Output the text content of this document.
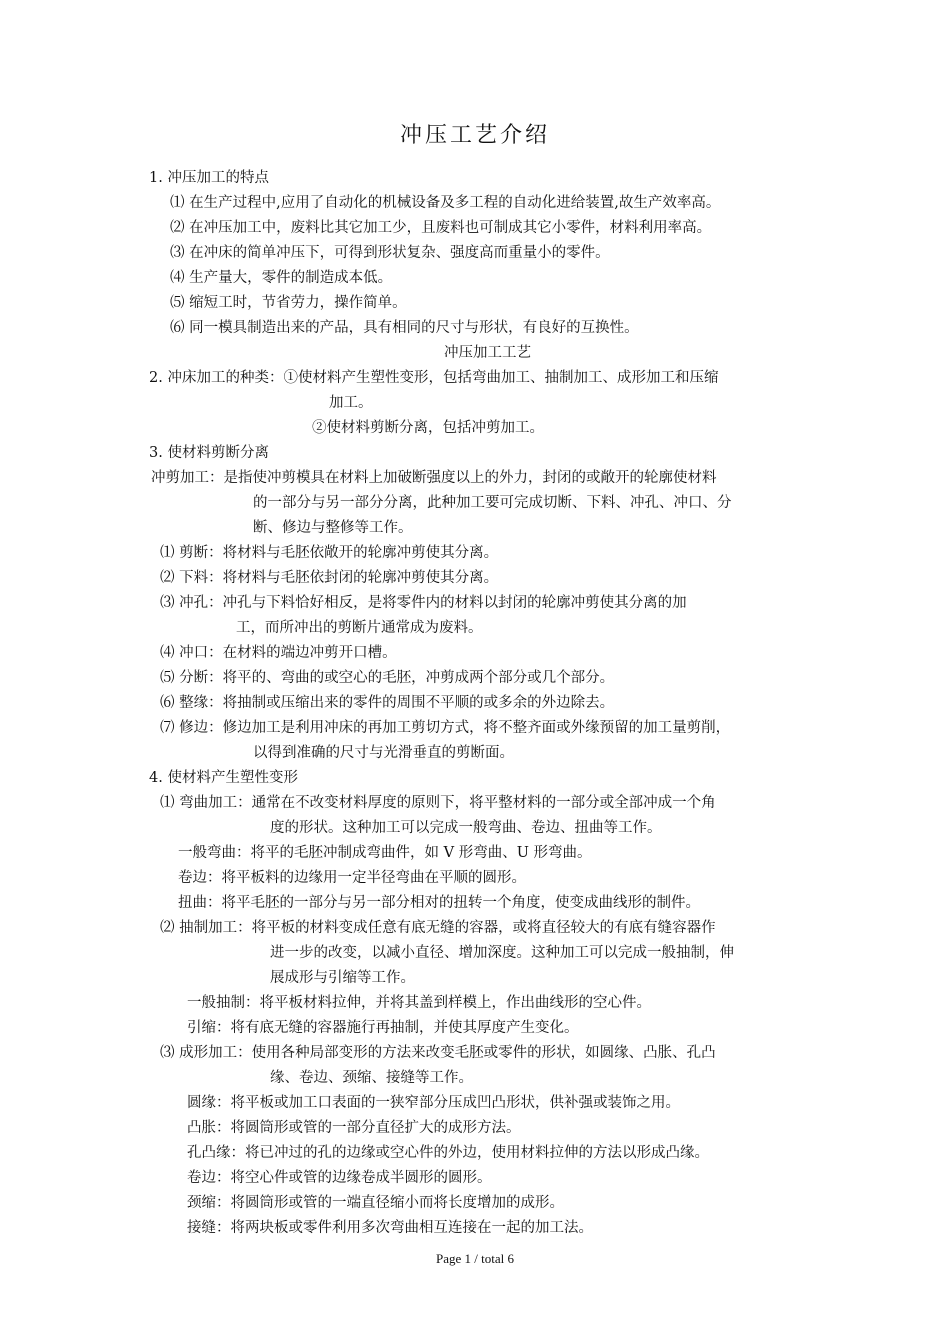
冲压工艺介绍

1. 冲压加工的特点

⑴ 在生产过程中,应用了自动化的机械设备及多工程的自动化进给装置,故生产效率高。

⑵ 在冲压加工中，废料比其它加工少，且废料也可制成其它小零件，材料利用率高。

⑶ 在冲床的简单冲压下，可得到形状复杂、强度高而重量小的零件。

⑷ 生产量大，零件的制造成本低。

⑸ 缩短工时，节省劳力，操作简单。

⑹ 同一模具制造出来的产品，具有相同的尺寸与形状，有良好的互换性。

冲压加工工艺

2. 冲床加工的种类：①使材料产生塑性变形，包括弯曲加工、抽制加工、成形加工和压缩

加工。

②使材料剪断分离，包括冲剪加工。

3. 使材料剪断分离

冲剪加工：是指使冲剪模具在材料上加破断强度以上的外力，封闭的或敞开的轮廓使材料

的一部分与另一部分分离，此种加工要可完成切断、下料、冲孔、冲口、分

断、修边与整修等工作。

⑴ 剪断：将材料与毛胚依敞开的轮廓冲剪使其分离。

⑵ 下料：将材料与毛胚依封闭的轮廓冲剪使其分离。

⑶ 冲孔：冲孔与下料恰好相反，是将零件内的材料以封闭的轮廓冲剪使其分离的加

工，而所冲出的剪断片通常成为废料。

⑷ 冲口：在材料的端边冲剪开口槽。

⑸ 分断：将平的、弯曲的或空心的毛胚，冲剪成两个部分或几个部分。

⑹ 整缘：将抽制或压缩出来的零件的周围不平顺的或多余的外边除去。

⑺ 修边：修边加工是利用冲床的再加工剪切方式，将不整齐面或外缘预留的加工量剪削，

以得到准确的尺寸与光滑垂直的剪断面。

4. 使材料产生塑性变形

⑴ 弯曲加工：通常在不改变材料厚度的原则下，将平整材料的一部分或全部冲成一个角

度的形状。这种加工可以完成一般弯曲、卷边、扭曲等工作。

一般弯曲：将平的毛胚冲制成弯曲件，如 V 形弯曲、U 形弯曲。

卷边：将平板料的边缘用一定半径弯曲在平顺的圆形。

扭曲：将平毛胚的一部分与另一部分相对的扭转一个角度，使变成曲线形的制件。

⑵ 抽制加工：将平板的材料变成任意有底无缝的容器，或将直径较大的有底有缝容器作

进一步的改变，以减小直径、增加深度。这种加工可以完成一般抽制，伸

展成形与引缩等工作。

一般抽制：将平板材料拉伸，并将其盖到样模上，作出曲线形的空心件。

引缩：将有底无缝的容器施行再抽制，并使其厚度产生变化。

⑶ 成形加工：使用各种局部变形的方法来改变毛胚或零件的形状，如圆缘、凸胀、孔凸

缘、卷边、颈缩、接缝等工作。

圆缘：将平板或加工口表面的一狭窄部分压成凹凸形状，供补强或装饰之用。

凸胀：将圆筒形或管的一部分直径扩大的成形方法。

孔凸缘：将已冲过的孔的边缘或空心件的外边，使用材料拉伸的方法以形成凸缘。

卷边：将空心件或管的边缘卷成半圆形的圆形。

颈缩：将圆筒形或管的一端直径缩小而将长度增加的成形。

接缝：将两块板或零件利用多次弯曲相互连接在一起的加工法。

Page 1 / total 6
